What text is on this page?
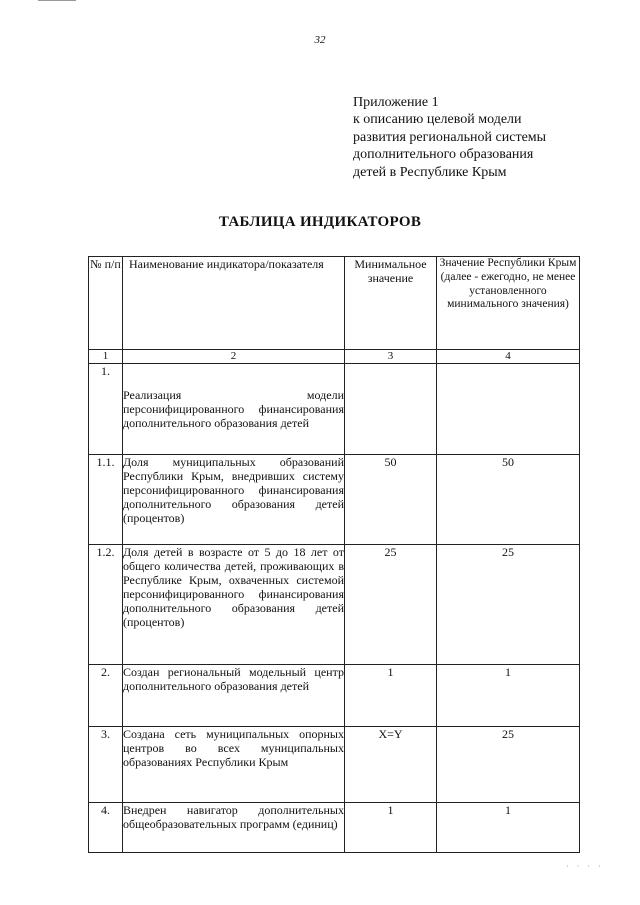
32
Приложение 1
к описанию целевой модели
развития региональной системы
дополнительного образования
детей в Республике Крым
ТАБЛИЦА ИНДИКАТОРОВ
№ п/п	Наименование индикатора/показателя	Минимальное значение	Значение Республики Крым (далее - ежегодно, не менее установленного минимального значения)
1	2	3	4
1.	Реализация модели персонифицированного финансирования дополнительного образования детей		
1.1.	Доля муниципальных образований Республики Крым, внедривших систему персонифицированного финансирования дополнительного образования детей (процентов)	50	50
1.2.	Доля детей в возрасте от 5 до 18 лет от общего количества детей, проживающих в Республике Крым, охваченных системой персонифицированного финансирования дополнительного образования детей (процентов)	25	25
2.	Создан региональный модельный центр дополнительного образования детей	1	1
3.	Создана сеть муниципальных опорных центров во всех муниципальных образованиях Республики Крым	X=Y	25
4.	Внедрен навигатор дополнительных общеобразовательных программ (единиц)	1	1
· · · ·
